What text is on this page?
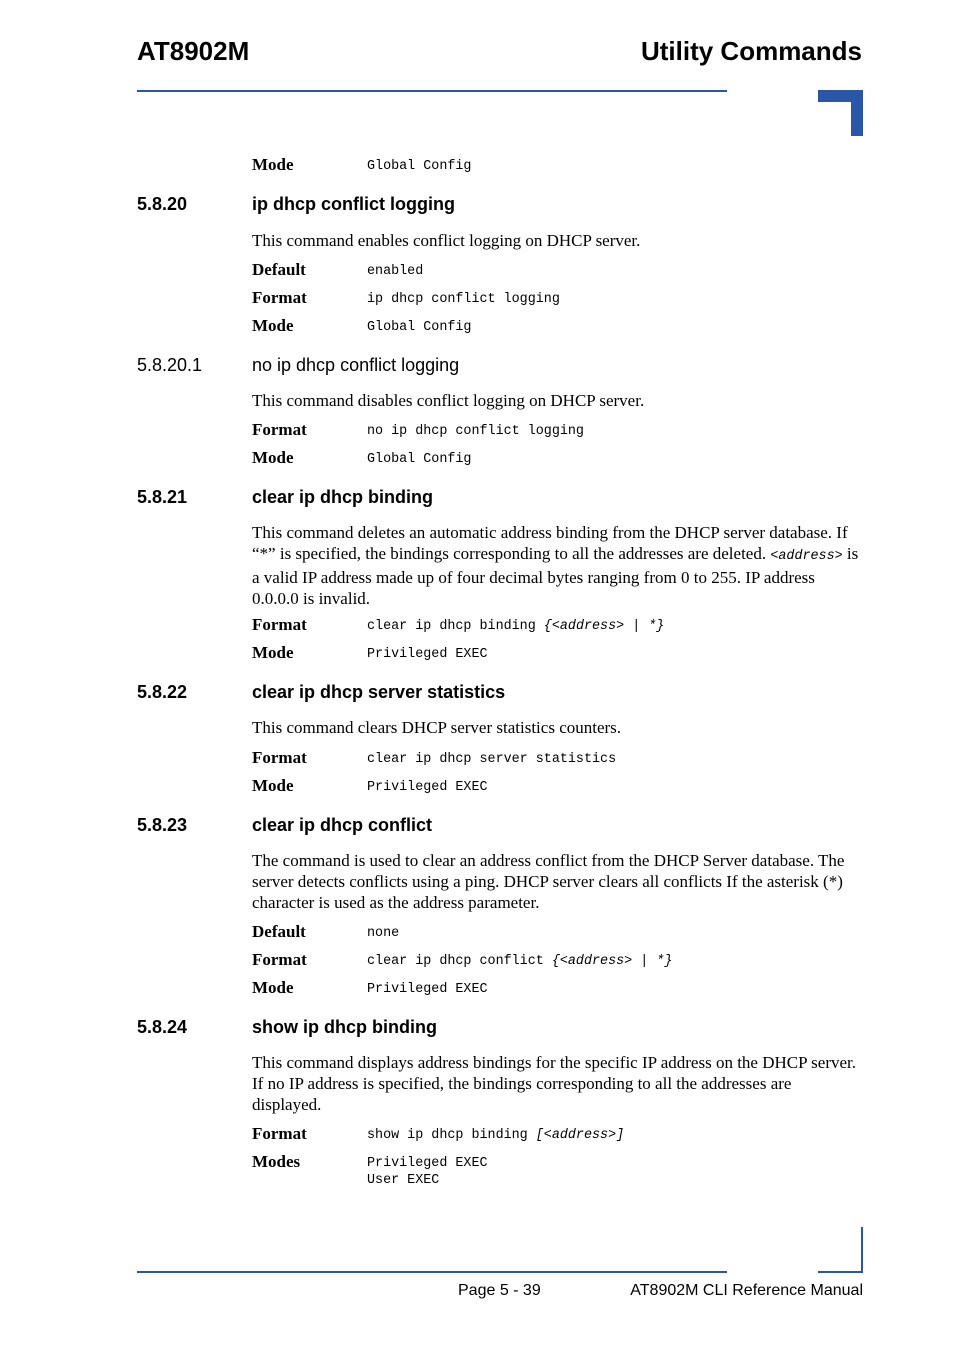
AT8902M	Utility Commands
Mode	Global Config
5.8.20	ip dhcp conflict logging

This command enables conflict logging on DHCP server.

Default	enabled
Format	ip dhcp conflict logging
Mode	Global Config
5.8.20.1	no ip dhcp conflict logging

This command disables conflict logging on DHCP server.

Format	no ip dhcp conflict logging
Mode	Global Config
5.8.21	clear ip dhcp binding

This command deletes an automatic address binding from the DHCP server database. If “*” is specified, the bindings corresponding to all the addresses are deleted. <address> is a valid IP address made up of four decimal bytes ranging from 0 to 255. IP address 0.0.0.0 is invalid.

Format	clear ip dhcp binding {<address> | *}
Mode	Privileged EXEC
5.8.22	clear ip dhcp server statistics

This command clears DHCP server statistics counters.

Format	clear ip dhcp server statistics
Mode	Privileged EXEC
5.8.23	clear ip dhcp conflict

The command is used to clear an address conflict from the DHCP Server database. The server detects conflicts using a ping. DHCP server clears all conflicts If the asterisk (*) character is used as the address parameter.

Default	none
Format	clear ip dhcp conflict {<address> | *}
Mode	Privileged EXEC
5.8.24	show ip dhcp binding

This command displays address bindings for the specific IP address on the DHCP server. If no IP address is specified, the bindings corresponding to all the addresses are displayed.

Format	show ip dhcp binding [<address>]
Modes	Privileged EXEC
User EXEC
Page 5 - 39	AT8902M CLI Reference Manual
